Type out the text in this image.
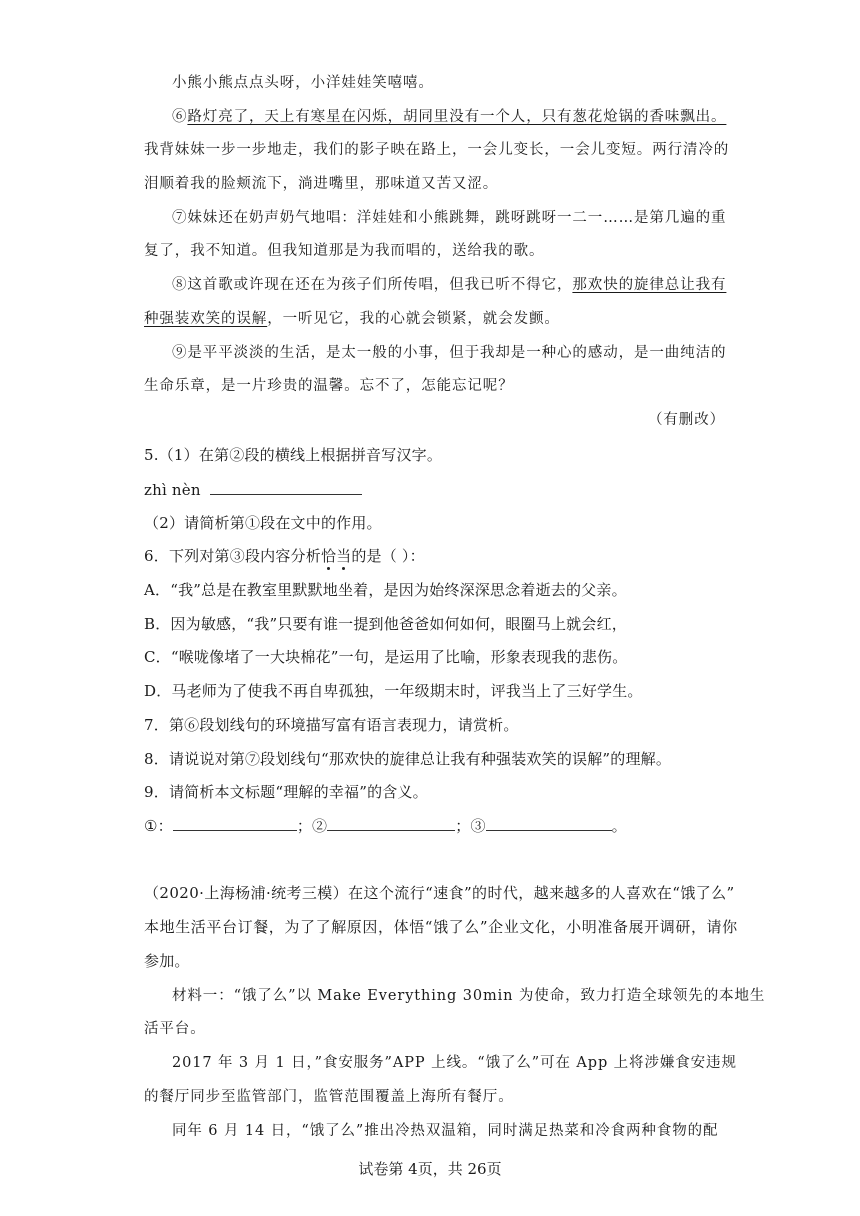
小熊小熊点点头呀，小洋娃娃笑嘻嘻。
⑥路灯亮了，天上有寒星在闪烁，胡同里没有一个人，只有葱花炝锅的香味飘出。
我背妹妹一步一步地走，我们的影子映在路上，一会儿变长，一会儿变短。两行清冷的
泪顺着我的脸颊流下，淌进嘴里，那味道又苦又涩。
⑦妹妹还在奶声奶气地唱：洋娃娃和小熊跳舞，跳呀跳呀一二一……是第几遍的重
复了，我不知道。但我知道那是为我而唱的，送给我的歌。
⑧这首歌或许现在还在为孩子们所传唱，但我已听不得它，那欢快的旋律总让我有
种强装欢笑的误解，一听见它，我的心就会锁紧，就会发颤。
⑨是平平淡淡的生活，是太一般的小事，但于我却是一种心的感动，是一曲纯洁的
生命乐章，是一片珍贵的温馨。忘不了，怎能忘记呢？
（有删改）
5.（1）在第②段的横线上根据拼音写汉字。
zhì nèn
（2）请简析第①段在文中的作用。
6．下列对第③段内容分析恰当的是（ ）：
A．“我”总是在教室里默默地坐着，是因为始终深深思念着逝去的父亲。
B．因为敏感，“我”只要有谁一提到他爸爸如何如何，眼圈马上就会红，
C．“喉咙像堵了一大块棉花”一句，是运用了比喻，形象表现我的悲伤。
D．马老师为了使我不再自卑孤独，一年级期末时，评我当上了三好学生。
7．第⑥段划线句的环境描写富有语言表现力，请赏析。
8．请说说对第⑦段划线句“那欢快的旋律总让我有种强装欢笑的误解”的理解。
9．请简析本文标题“理解的幸福”的含义。
①：	；②	；③	。
（2020·上海杨浦·统考三模）在这个流行“速食”的时代，越来越多的人喜欢在“饿了么”
本地生活平台订餐，为了了解原因，体悟“饿了么”企业文化，小明准备展开调研，请你
参加。
材料一：“饿了么”以 Make Everything 30min 为使命，致力打造全球领先的本地生
活平台。
2017 年 3 月 1 日，”食安服务”APP 上线。“饿了么”可在 App 上将涉嫌食安违规
的餐厅同步至监管部门，监管范围覆盖上海所有餐厅。
同年 6 月 14 日，“饿了么”推出冷热双温箱，同时满足热菜和冷食两种食物的配
试卷第 4页，共 26页
